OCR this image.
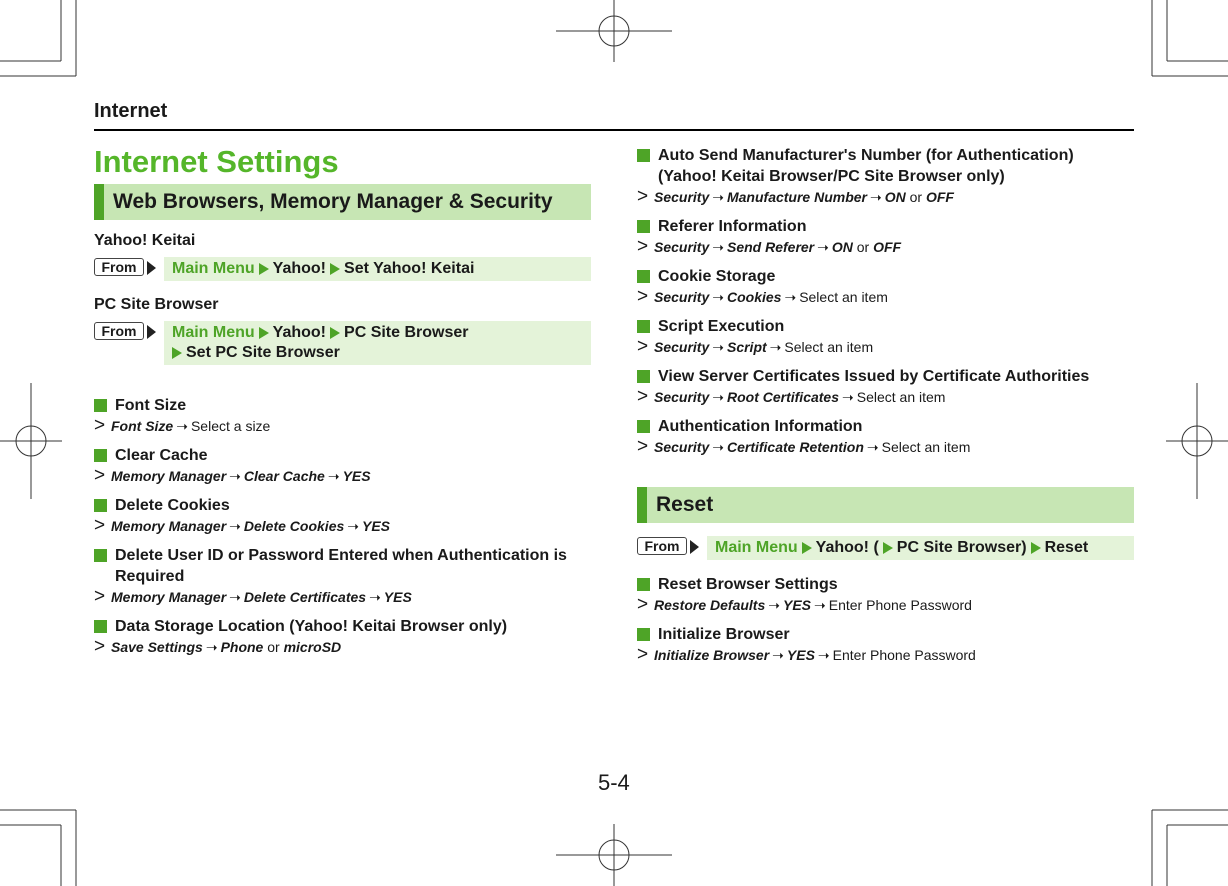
Internet
Internet Settings
Web Browsers, Memory Manager & Security
Yahoo! Keitai
From	Main Menu Yahoo! Set Yahoo! Keitai
PC Site Browser
From	Main Menu Yahoo! PC Site Browser
Set PC Site Browser
Font Size
> Font Size ➝ Select a size
Clear Cache
> Memory Manager ➝ Clear Cache ➝ YES
Delete Cookies
> Memory Manager ➝ Delete Cookies ➝ YES
Delete User ID or Password Entered when Authentication is Required
> Memory Manager ➝ Delete Certificates ➝ YES
Data Storage Location (Yahoo! Keitai Browser only)
> Save Settings ➝ Phone or microSD
Auto Send Manufacturer's Number (for Authentication) (Yahoo! Keitai Browser/PC Site Browser only)
> Security ➝ Manufacture Number ➝ ON or OFF
Referer Information
> Security ➝ Send Referer ➝ ON or OFF
Cookie Storage
> Security ➝ Cookies ➝ Select an item
Script Execution
> Security ➝ Script ➝ Select an item
View Server Certificates Issued by Certificate Authorities
> Security ➝ Root Certificates ➝ Select an item
Authentication Information
> Security ➝ Certificate Retention ➝ Select an item
Reset
From	Main Menu Yahoo! ( PC Site Browser) Reset
Reset Browser Settings
> Restore Defaults ➝ YES ➝ Enter Phone Password
Initialize Browser
> Initialize Browser ➝ YES ➝ Enter Phone Password
5-4
